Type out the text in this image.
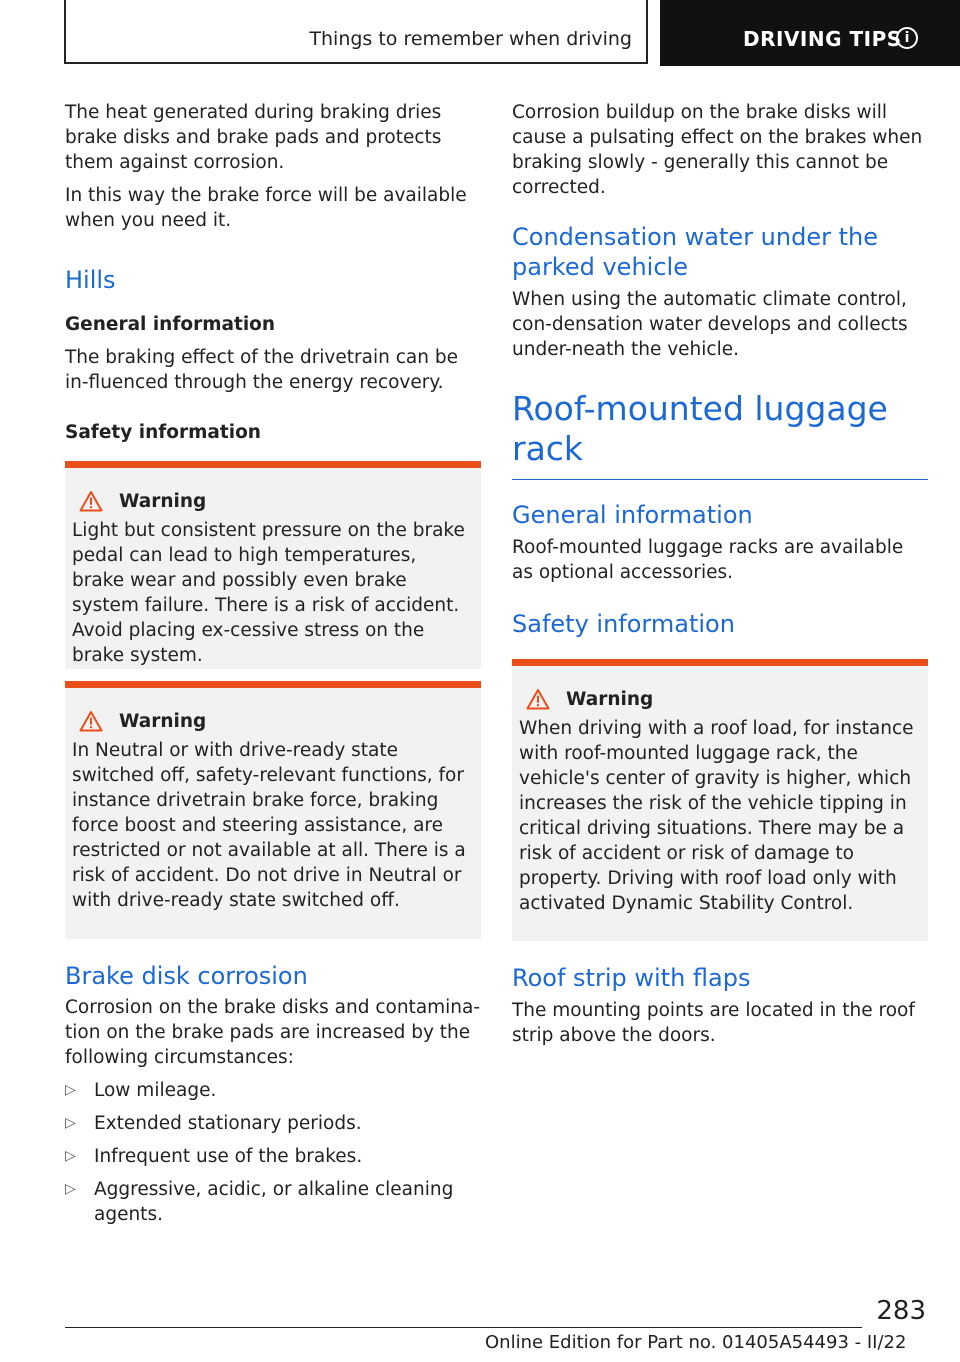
Things to remember when driving	DRIVING TIPS i

The heat generated during braking dries brake disks and brake pads and protects them against corrosion.

In this way the brake force will be available when you need it.

Hills
General information

The braking effect of the drivetrain can be in-fluenced through the energy recovery.

Safety information
Warning

Light but consistent pressure on the brake pedal can lead to high temperatures, brake wear and possibly even brake system failure. There is a risk of accident. Avoid placing ex-cessive stress on the brake system.

Warning

In Neutral or with drive-ready state switched off, safety-relevant functions, for instance drivetrain brake force, braking force boost and steering assistance, are restricted or not available at all. There is a risk of accident. Do not drive in Neutral or with drive-ready state switched off.

Brake disk corrosion

Corrosion on the brake disks and contamina-tion on the brake pads are increased by the following circumstances:

▷ Low mileage.
▷ Extended stationary periods.
▷ Infrequent use of the brakes.
▷ Aggressive, acidic, or alkaline cleaning agents.

Corrosion buildup on the brake disks will cause a pulsating effect on the brakes when braking slowly - generally this cannot be corrected.

Condensation water under the parked vehicle

When using the automatic climate control, con-densation water develops and collects under-neath the vehicle.

Roof-mounted luggage rack
General information

Roof-mounted luggage racks are available as optional accessories.

Safety information
Warning

When driving with a roof load, for instance with roof-mounted luggage rack, the vehicle's center of gravity is higher, which increases the risk of the vehicle tipping in critical driving situations. There may be a risk of accident or risk of damage to property. Driving with roof load only with activated Dynamic Stability Control.

Roof strip with flaps

The mounting points are located in the roof strip above the doors.

283
Online Edition for Part no. 01405A54493 - II/22
